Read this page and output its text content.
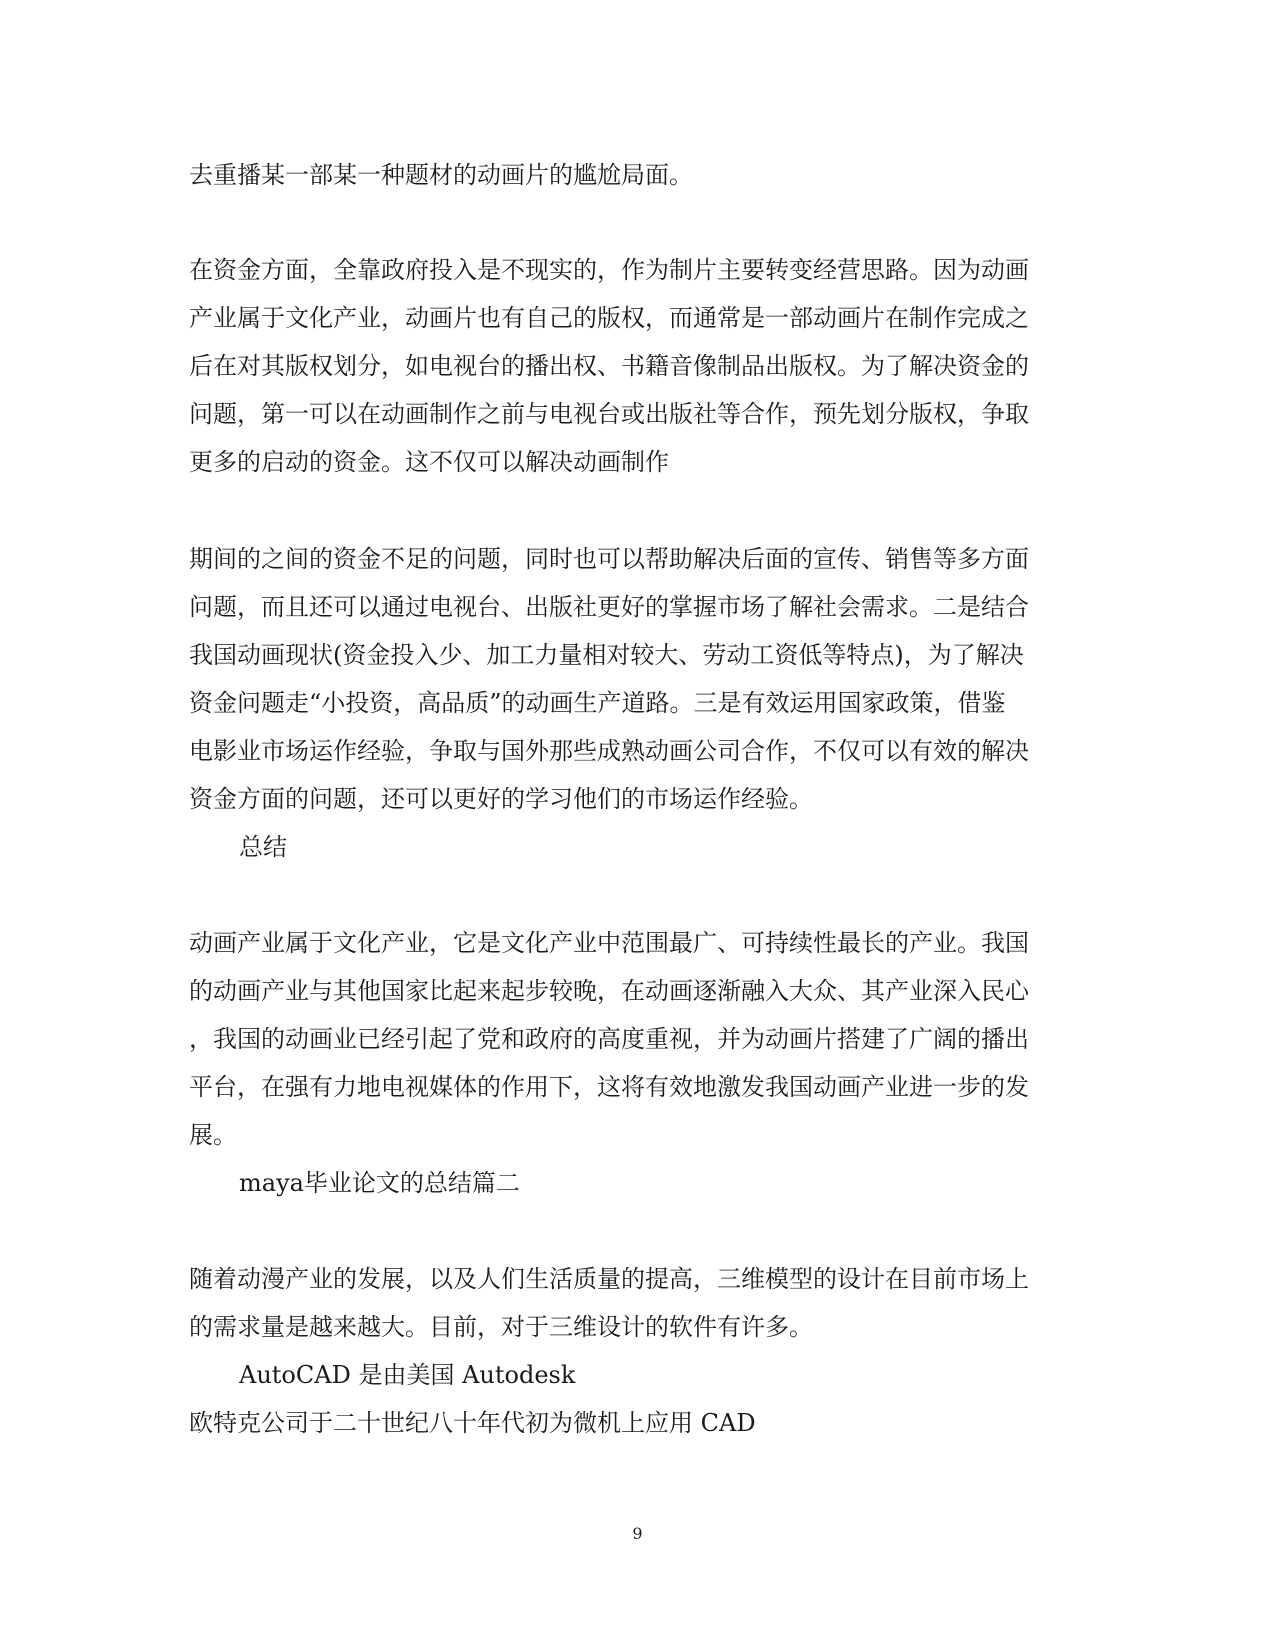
去重播某一部某一种题材的动画片的尴尬局面。
在资金方面，全靠政府投入是不现实的，作为制片主要转变经营思路。因为动画
产业属于文化产业，动画片也有自己的版权，而通常是一部动画片在制作完成之
后在对其版权划分，如电视台的播出权、书籍音像制品出版权。为了解决资金的
问题，第一可以在动画制作之前与电视台或出版社等合作，预先划分版权，争取
更多的启动的资金。这不仅可以解决动画制作
期间的之间的资金不足的问题，同时也可以帮助解决后面的宣传、销售等多方面
问题，而且还可以通过电视台、出版社更好的掌握市场了解社会需求。二是结合
我国动画现状(资金投入少、加工力量相对较大、劳动工资低等特点)，为了解决
资金问题走“小投资，高品质”的动画生产道路。三是有效运用国家政策，借鉴
电影业市场运作经验，争取与国外那些成熟动画公司合作，不仅可以有效的解决
资金方面的问题，还可以更好的学习他们的市场运作经验。
总结
动画产业属于文化产业，它是文化产业中范围最广、可持续性最长的产业。我国
的动画产业与其他国家比起来起步较晚，在动画逐渐融入大众、其产业深入民心
，我国的动画业已经引起了党和政府的高度重视，并为动画片搭建了广阔的播出
平台，在强有力地电视媒体的作用下，这将有效地激发我国动画产业进一步的发
展。
maya毕业论文的总结篇二
随着动漫产业的发展，以及人们生活质量的提高，三维模型的设计在目前市场上
的需求量是越来越大。目前，对于三维设计的软件有许多。
AutoCAD 是由美国 Autodesk
欧特克公司于二十世纪八十年代初为微机上应用 CAD
9
